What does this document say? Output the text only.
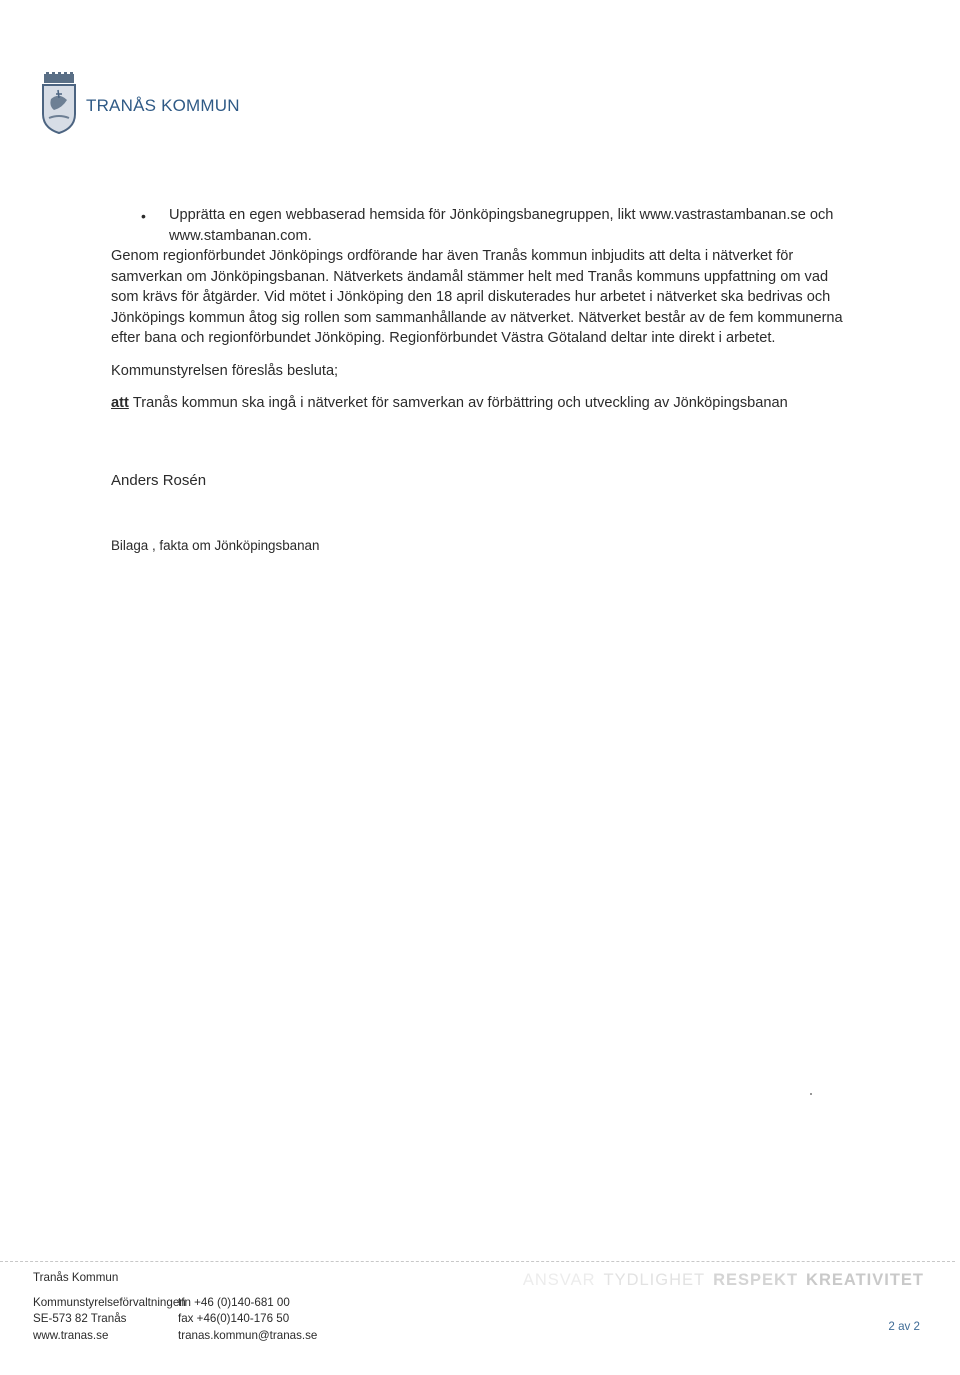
TRANÅS KOMMUN
• Upprätta en egen webbaserad hemsida för Jönköpingsbanegruppen, likt www.vastrastambanan.se och www.stambanan.com.

Genom regionförbundet Jönköpings ordförande har även Tranås kommun inbjudits att delta i nätverket för samverkan om Jönköpingsbanan. Nätverkets ändamål stämmer helt med Tranås kommuns uppfattning om vad som krävs för åtgärder. Vid mötet i Jönköping den 18 april diskuterades hur arbetet i nätverket ska bedrivas och Jönköpings kommun åtog sig rollen som sammanhållande av nätverket. Nätverket består av de fem kommunerna efter bana och regionförbundet Jönköping. Regionförbundet Västra Götaland deltar inte direkt i arbetet.

Kommunstyrelsen föreslås besluta;

att Tranås kommun ska ingå i nätverket för samverkan av förbättring och utveckling av Jönköpingsbanan

Anders Rosén
Bilaga , fakta om Jönköpingsbanan
Tranås Kommun
Kommunstyrelseförvaltningen
tfn +46 (0)140-681 00
SE-573 82 Tranås	fax +46(0)140-176 50
www.tranas.se	tranas.kommun@tranas.se
ANSVAR TYDLIGHET RESPEKT KREATIVITET
2 av 2
